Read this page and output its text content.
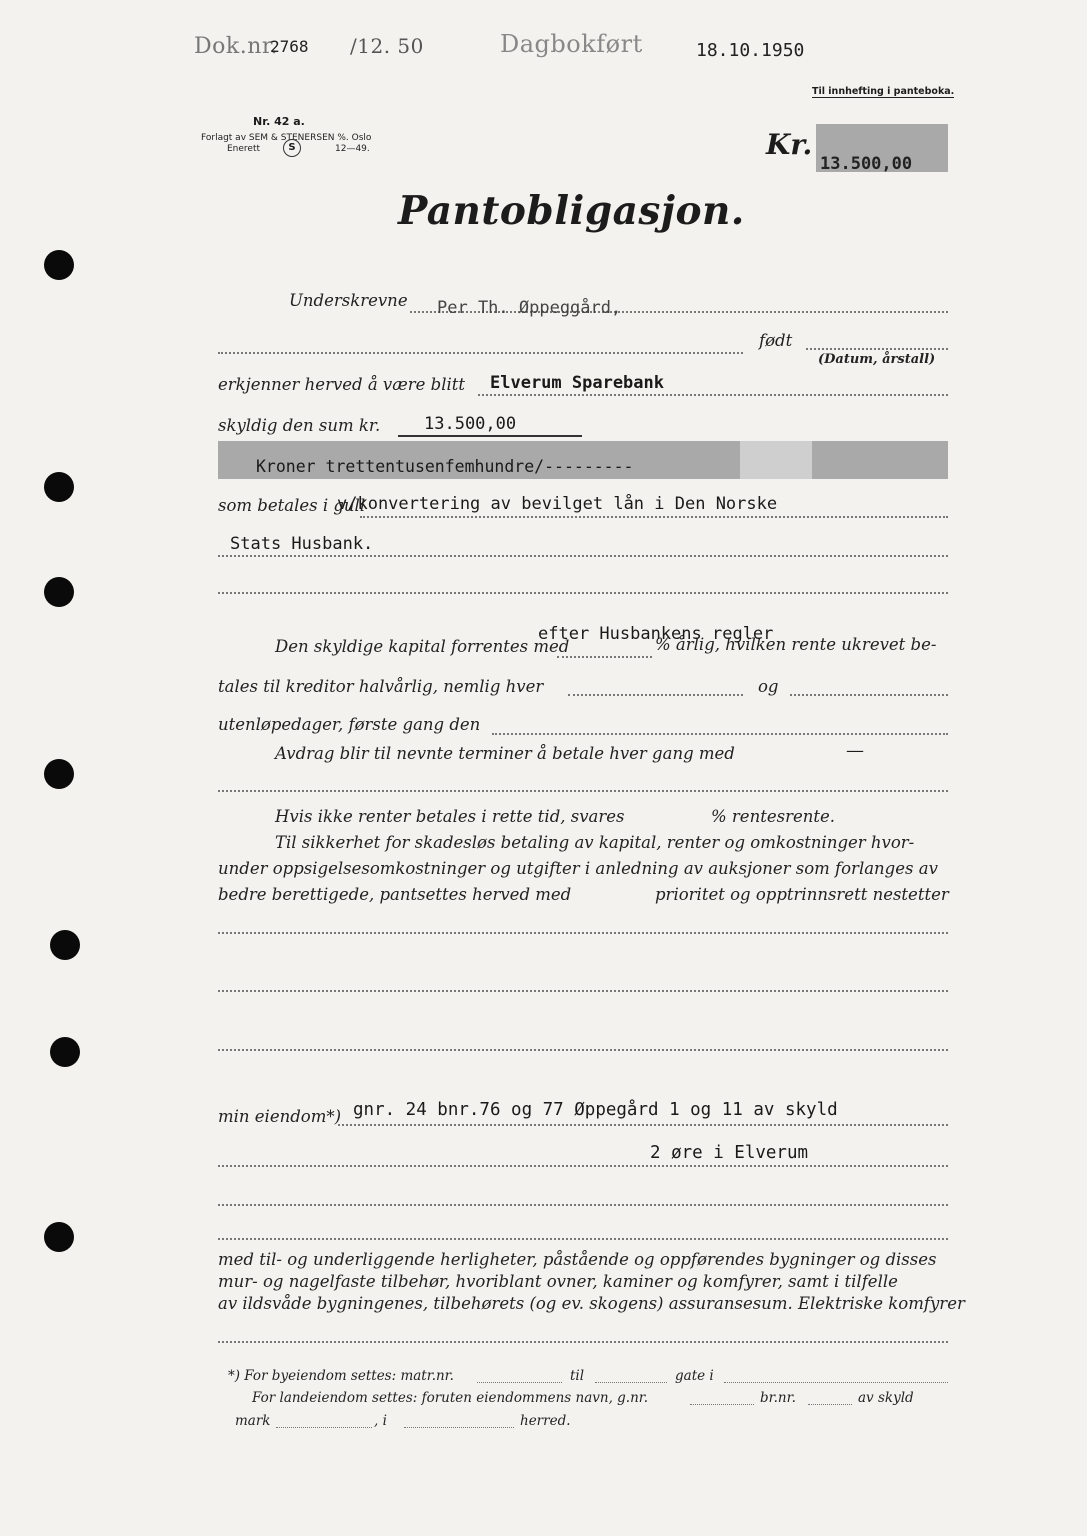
Dok.nr.
2768 /12. 50	Dagbokført	18.10.1950
Til innhefting i panteboka.
Nr. 42 a.
Forlagt av SEM & STENERSEN %. Oslo
Enerett	S	12—49.	Kr.
13.500,00
Pantobligasjon.
Underskrevne Per Th. Øppeggård,
født
(Datum, årstall)
erkjenner herved å være blitt Elverum Sparebank
skyldig den sum kr.	13.500,00
Kroner trettentusenfemhundre/---------
som betales i gull
v/konvertering av bevilget lån i Den Norske
Stats Husbank.
efter Husbankens regler
Den skyldige kapital forrentes med	% årlig, hvilken rente ukrevet be-
tales til kreditor halvårlig, nemlig hver	og
utenløpedager, første gang den
Avdrag blir til nevnte terminer å betale hver gang med	—
Hvis ikke renter betales i rette tid, svares	% rentesrente.
Til sikkerhet for skadesløs betaling av kapital, renter og omkostninger hvor-
under oppsigelsesomkostninger og utgifter i anledning av auksjoner som forlanges av
bedre berettigede, pantsettes herved med	prioritet og opptrinnsrett nestetter
min eiendom*) gnr. 24 bnr.76 og 77 Øppegård 1 og 11 av skyld
2 øre i Elverum
med til- og underliggende herligheter, påstående og oppførendes bygninger og disses
mur- og nagelfaste tilbehør, hvoriblant ovner, kaminer og komfyrer, samt i tilfelle
av ildsvåde bygningenes, tilbehørets (og ev. skogens) assuransesum. Elektriske komfyrer
*) For byeiendom settes: matr.nr.	til	gate i
For landeiendom settes: foruten eiendommens navn, g.nr.	br.nr.	av skyld
mark	, i	herred.
